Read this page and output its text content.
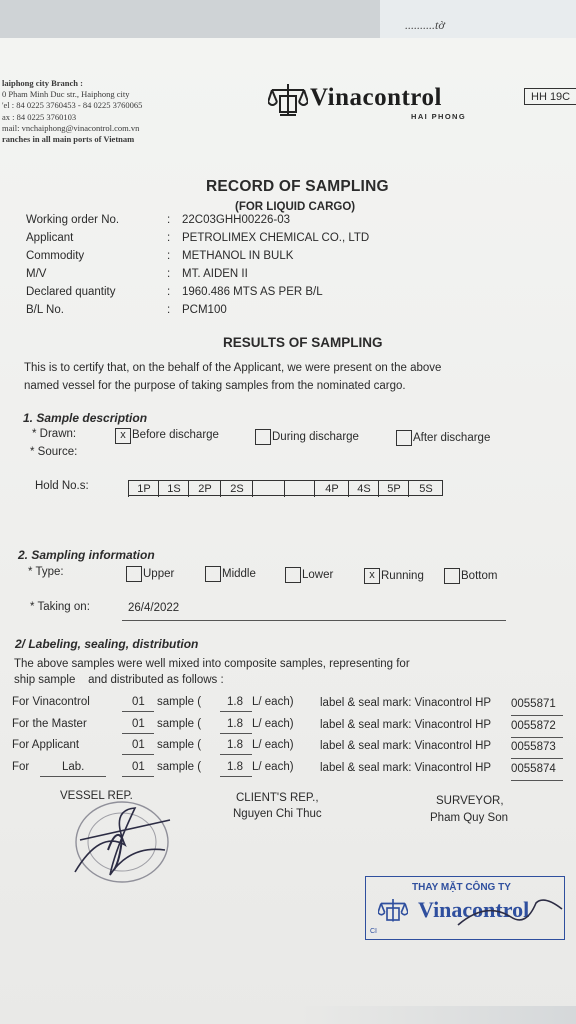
..........tờ
laiphong city Branch :
0 Pham Minh Duc str., Haiphong city
'el : 84 0225 3760453 - 84 0225 3760065
ax : 84 0225 3760103
mail: vnchaiphong@vinacontrol.com.vn
ranches in all main ports of Vietnam
Vinacontrol
HAI PHONG
HH 19C
RECORD OF SAMPLING
(FOR LIQUID CARGO)
Working order No.	: 22C03GHH00226-03
Applicant	: PETROLIMEX CHEMICAL CO., LTD
Commodity	: METHANOL IN BULK
M/V	: MT. AIDEN II
Declared quantity	: 1960.486 MTS AS PER B/L
B/L No.	: PCM100
RESULTS OF SAMPLING
This is to certify that, on the behalf of the Applicant, we were present on the above
named vessel for the purpose of taking samples from the nominated cargo.
1. Sample description
* Drawn:
* Source:
x Before discharge	During discharge	After discharge
Hold No.s:	1P	1S	2P	2S	4P	4S	5P	5S
2. Sampling information
* Type:	Upper	Middle	Lower	x Running	Bottom
* Taking on:	26/4/2022
2/ Labeling, sealing, distribution
The above samples were well mixed into composite samples, representing for
ship sample    and distributed as follows :
For Vinacontrol	01 sample ( 1.8 L/ each) label & seal mark: Vinacontrol HP 0055871
For the Master	01 sample ( 1.8 L/ each) label & seal mark: Vinacontrol HP 0055872
For Applicant	01 sample ( 1.8 L/ each) label & seal mark: Vinacontrol HP 0055873
For	Lab.	01 sample ( 1.8 L/ each) label & seal mark: Vinacontrol HP 0055874
VESSEL REP.	CLIENT'S REP.,
Nguyen Chi Thuc
SURVEYOR,
Pham Quy Son
THAY MẶT CÔNG TY
Vinacontrol
CI
